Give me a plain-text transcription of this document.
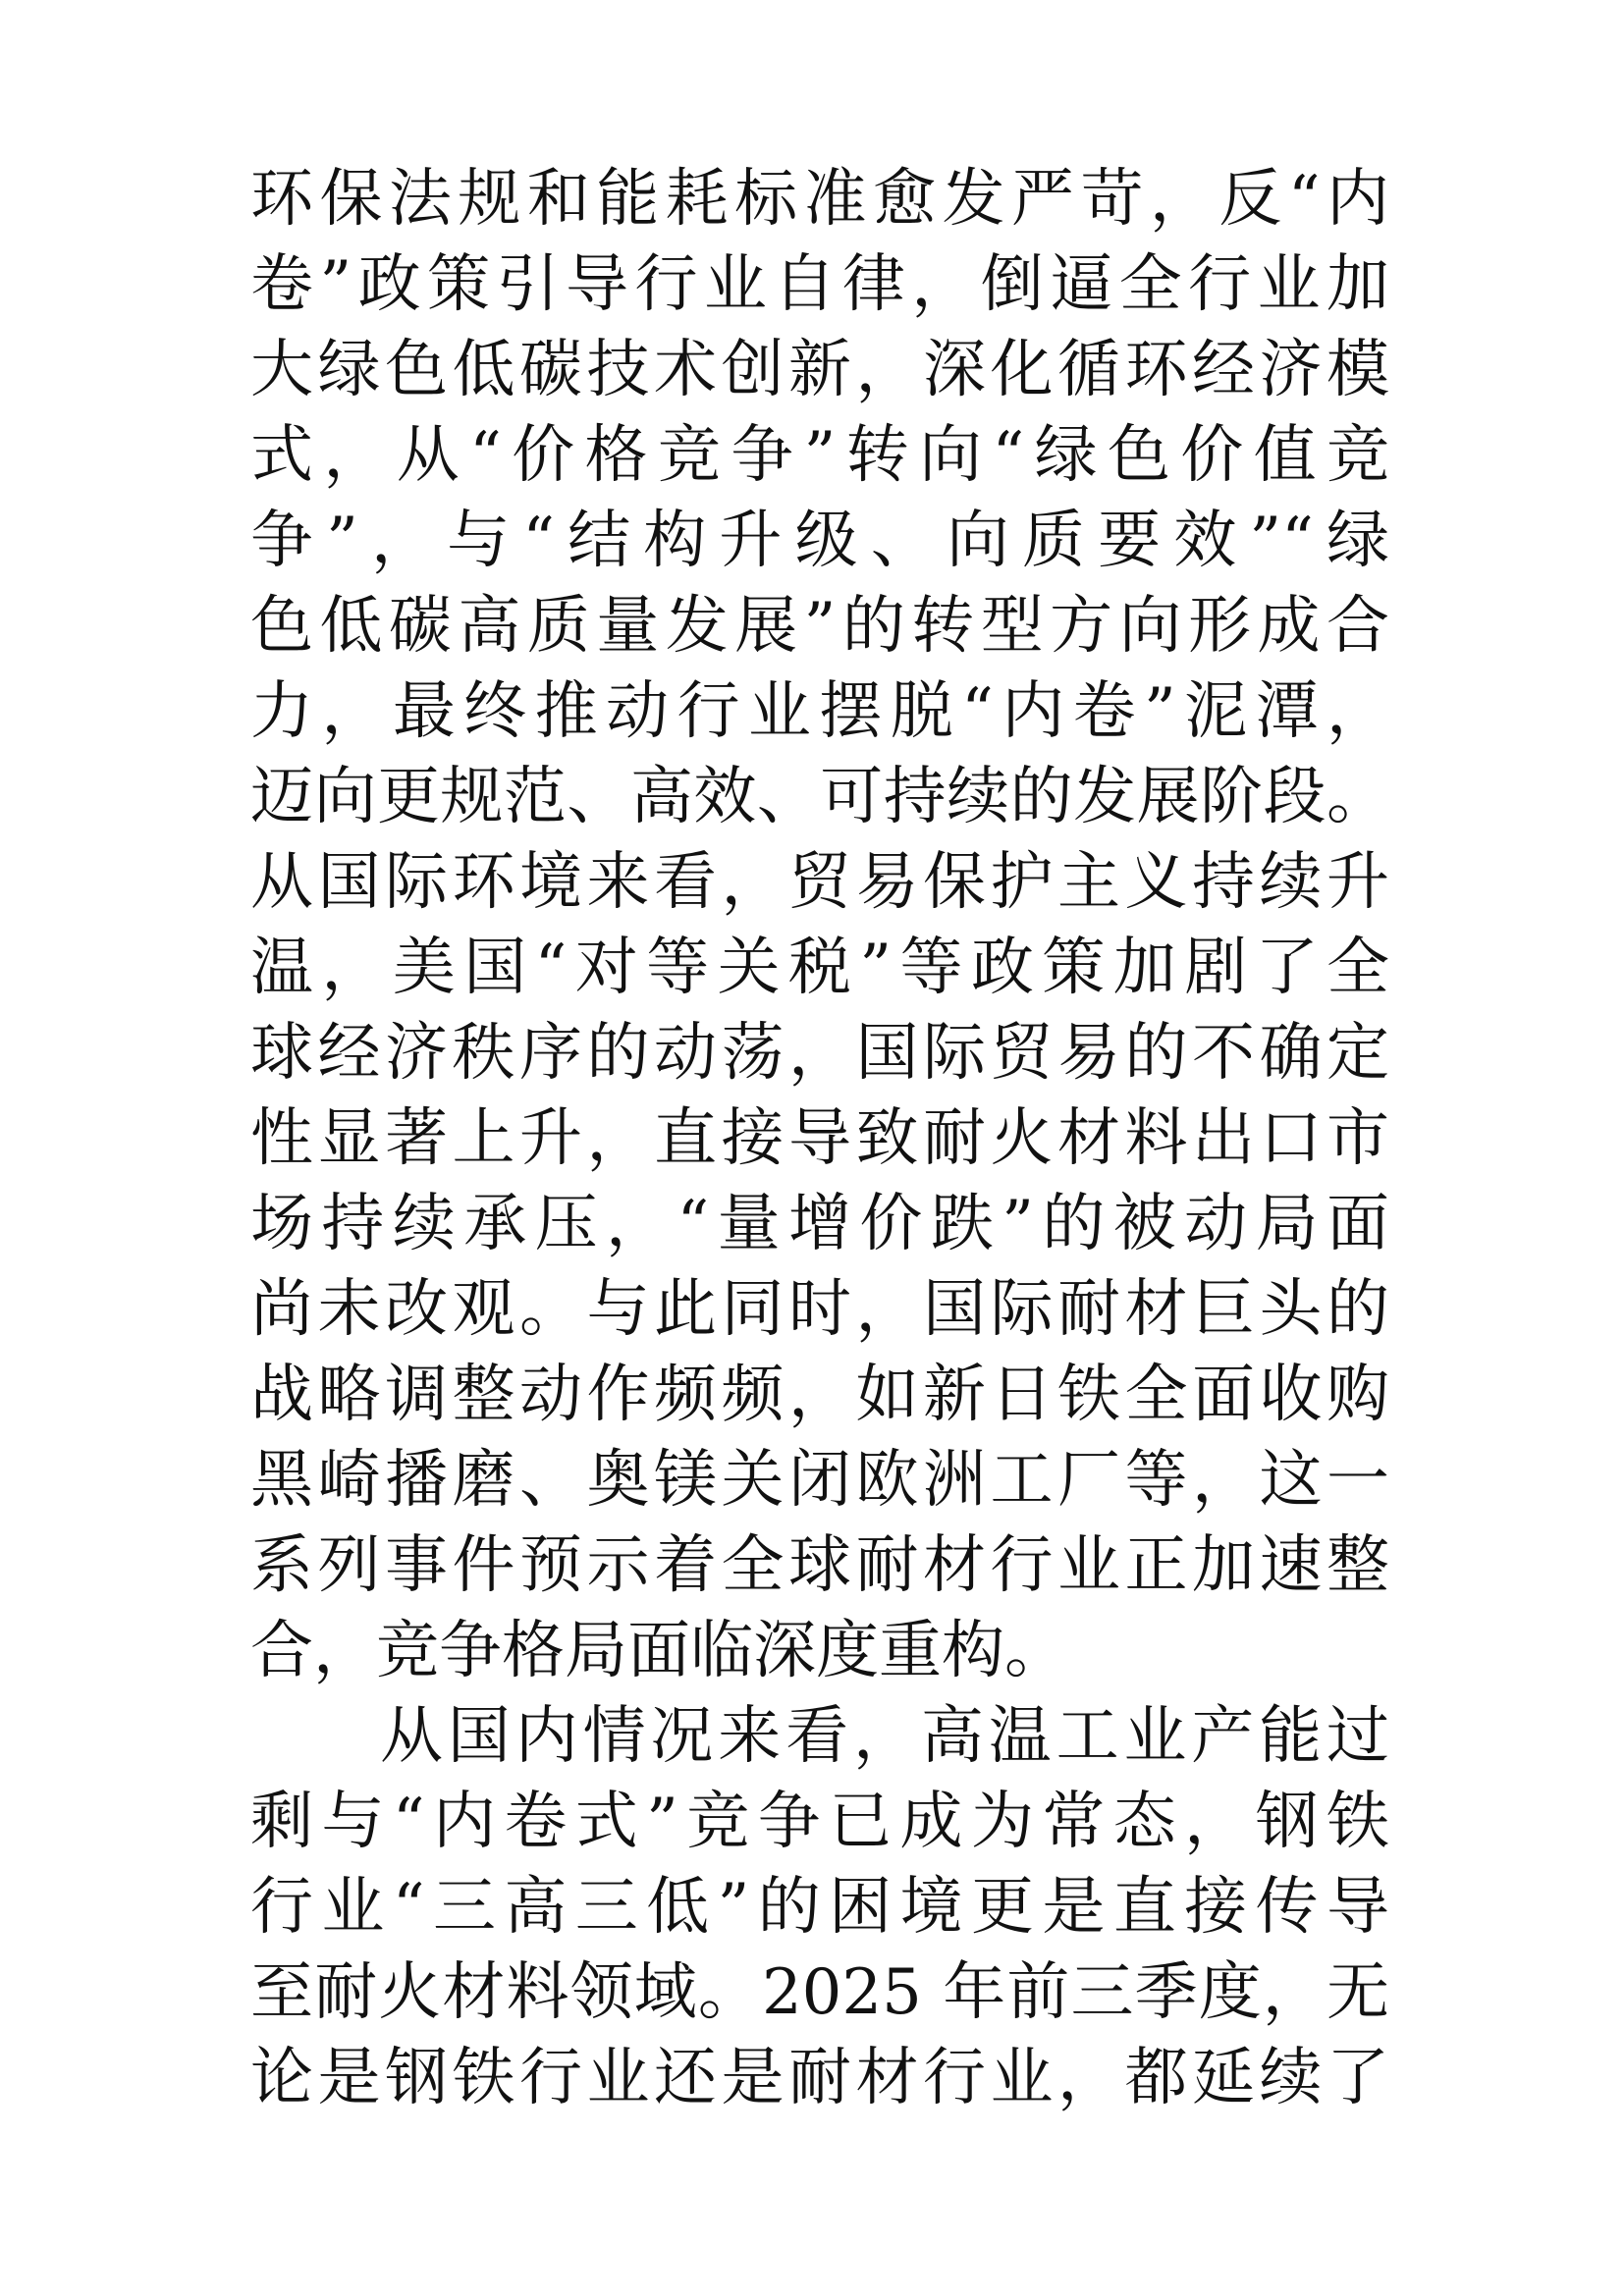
环保法规和能耗标准愈发严苛，反“内
卷”政策引导行业自律，倒逼全行业加
大绿色低碳技术创新，深化循环经济模
式，从“价格竞争”转向“绿色价值竞
争”，与“结构升级、向质要效”“绿
色低碳高质量发展”的转型方向形成合
力，最终推动行业摆脱“内卷”泥潭，
迈向更规范、高效、可持续的发展阶段。
从国际环境来看，贸易保护主义持续升
温，美国“对等关税”等政策加剧了全
球经济秩序的动荡，国际贸易的不确定
性显著上升，直接导致耐火材料出口市
场持续承压，“量增价跌”的被动局面
尚未改观。与此同时，国际耐材巨头的
战略调整动作频频，如新日铁全面收购
黑崎播磨、奥镁关闭欧洲工厂等，这一
系列事件预示着全球耐材行业正加速整
合，竞争格局面临深度重构。
从国内情况来看，高温工业产能过
剩与“内卷式”竞争已成为常态，钢铁
行业“三高三低”的困境更是直接传导
至耐火材料领域。2025 年前三季度，无
论是钢铁行业还是耐材行业，都延续了
